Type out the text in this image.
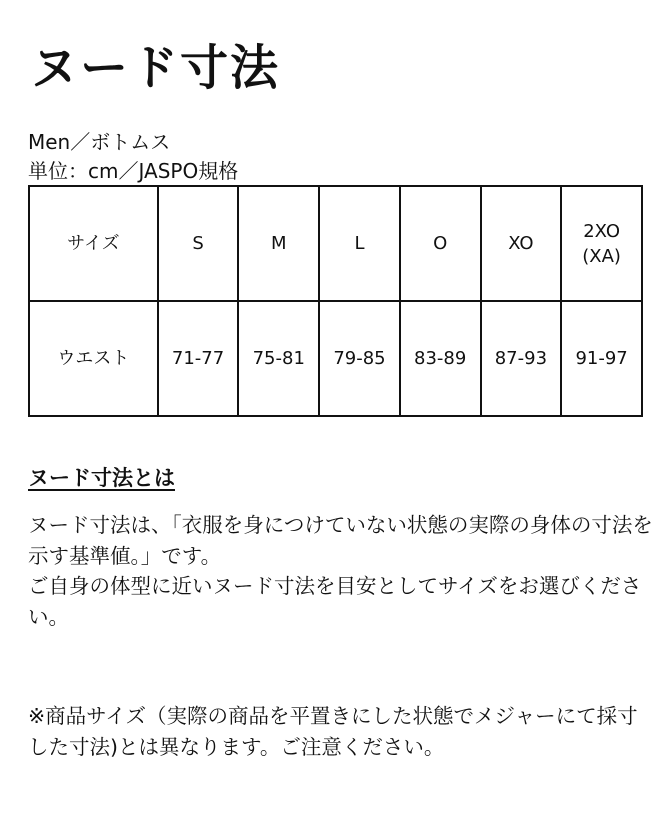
ヌード寸法
Men／ボトムス
単位：cm／JASPO規格
サイズ	S	M	L	O	XO	2XO
(XA)
ウエスト	71-77	75-81	79-85	83-89	87-93	91-97
ヌード寸法とは

ヌード寸法は、「衣服を身につけていない状態の実際の身体の寸法を示す基準値。」です。

ご自身の体型に近いヌード寸法を目安としてサイズをお選びください。

※商品サイズ（実際の商品を平置きにした状態でメジャーにて採寸した寸法)とは異なります。ご注意ください。
